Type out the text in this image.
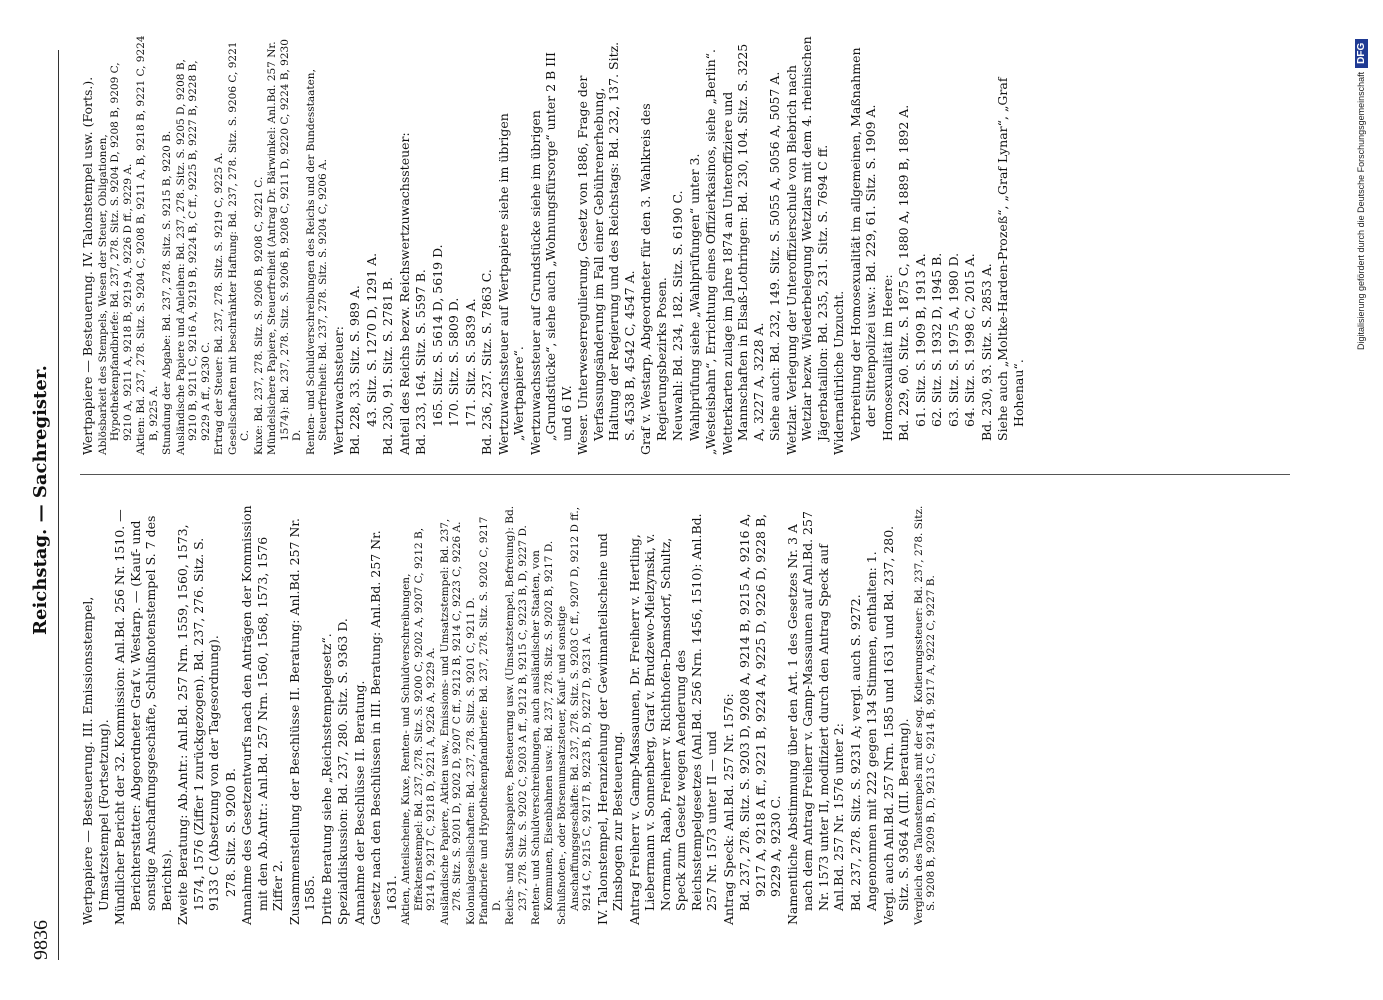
9836
Reichstag. — Sachregister.

Wertpapiere — Besteuerung. III. Emissionsstempel, Umsatzstempel (Fortsetzung). Mündlicher Bericht der 32. Kommission: Anl.Bd. 256 Nr. 1510. — Berichterstatter: Abgeordneter Graf v. Westarp. — (Kauf- und sonstige Anschaffungsgeschäfte, Schlußnotenstempel S. 7 des Berichts). Zweite Beratung: Ab.Antr.: Anl.Bd. 257 Nrn. 1559, 1560, 1573, 1574, 1576 (Ziffer 1 zurückgezogen). Bd. 237, 276. Sitz. S. 9133 C (Absetzung von der Tagesordnung). 278. Sitz. S. 9200 B. Annahme des Gesetzentwurfs nach den Anträgen der Kommission mit den Ab.Antr.: Anl.Bd. 257 Nrn. 1560, 1568, 1573, 1576 Ziffer 2. Zusammenstellung der Beschlüsse II. Beratung: Anl.Bd. 257 Nr. 1585. Dritte Beratung siehe „Reichsstempelgesetz“. Spezialdiskussion: Bd. 237, 280. Sitz. S. 9363 D. Annahme der Beschlüsse II. Beratung. Gesetz nach den Beschlüssen in III. Beratung: Anl.Bd. 257 Nr. 1631. Aktien, Anteilscheine, Kuxe, Renten- und Schuldverschreibungen, Effektenstempel: Bd. 237, 278. Sitz. S. 9200 C, 9202 A, 9207 C, 9212 B, 9214 D, 9217 C, 9218 D, 9221 A, 9226 A, 9229 A. Ausländische Papiere, Aktien usw., Emissions- und Umsatzstempel: Bd. 237, 278. Sitz. S. 9201 D, 9202 D, 9207 C ff., 9212 B, 9214 C, 9223 C, 9226 A. Kolonialgesellschaften: Bd. 237, 278. Sitz. S. 9201 C, 9211 D. Pfandbriefe und Hypothekenpfandbriefe: Bd. 237, 278. Sitz. S. 9202 C, 9217 D. Reichs- und Staatspapiere, Besteuerung usw. (Umsatzstempel, Befreiung): Bd. 237, 278. Sitz. S. 9202 C, 9203 A ff., 9212 B, 9215 C, 9223 B, D, 9227 D. Renten- und Schuldverschreibungen, auch ausländischer Staaten, von Kommunen, Eisenbahnen usw.: Bd. 237, 278. Sitz. S. 9202 B, 9217 D. Schlußnoten-, oder Börsenumsatzsteuer, Kauf- und sonstige Anschaffungsgeschäfte: Bd. 237, 278. Sitz. S. 9203 C ff., 9207 D, 9212 D ff., 9214 C, 9215 C, 9217 B, 9223 B, D, 9227 D, 9231 A. IV. Talonstempel, Heranziehung der Gewinnanteilscheine und Zinsbogen zur Besteuerung. Antrag Freiherr v. Gamp-Massaunen, Dr. Freiherr v. Hertling, Liebermann v. Sonnenberg, Graf v. Brudzewo-Mielzynski, v. Normann, Raab, Freiherr v. Richthofen-Damsdorf, Schultz, Speck zum Gesetz wegen Aenderung des Reichsstempelgesetzes (Anl.Bd. 256 Nrn. 1456, 1510): Anl.Bd. 257 Nr. 1573 unter II — und Antrag Speck: Anl.Bd. 257 Nr. 1576: Bd. 237, 278. Sitz. S. 9203 D, 9208 A, 9214 B, 9215 A, 9216 A, 9217 A, 9218 A ff., 9221 B, 9224 A, 9225 D, 9226 D, 9228 B, 9229 A, 9230 C. Namentliche Abstimmung über den Art. 1 des Gesetzes Nr. 3 A nach dem Antrag Freiherr v. Gamp-Massaunen auf Anl.Bd. 257 Nr. 1573 unter II, modifiziert durch den Antrag Speck auf Anl.Bd. 257 Nr. 1576 unter 2: Bd. 237, 278. Sitz. S. 9231 A; vergl. auch S. 9272. Angenommen mit 222 gegen 134 Stimmen, enthalten: 1. Vergl. auch Anl.Bd. 257 Nrn. 1585 und 1631 und Bd. 237, 280. Sitz. S. 9364 A (III. Beratung). Vergleich des Talonstempels mit der sog. Kotierungssteuer: Bd. 237, 278. Sitz. S. 9208 B, 9209 B, D, 9213 C, 9214 B, 9217 A, 9222 C, 9227 B.

Wertpapiere — Besteuerung. IV. Talonstempel usw. (Forts.). Ablösbarkeit des Stempels, Wesen der Steuer, Obligationen, Hypothekenpfandbriefe: Bd. 237, 278. Sitz. S. 9204 D, 9208 B, 9209 C, 9210 A, 9211 A, 9218 B, 9219 A, 9226 D ff., 9229 A. Aktien: Bd. 237, 278. Sitz. S. 9204 C, 9208 B, 9211 A, B, 9218 B, 9221 C, 9224 B, 9225 A. Stundung der Abgabe: Bd. 237, 278. Sitz. S. 9215 B, 9220 B. Ausländische Papiere und Anleihen: Bd. 237, 278. Sitz. S. 9205 D, 9208 B, 9210 B, 9211 C, 9216 A, 9219 B, 9224 B, C ff., 9225 B, 9227 B, 9228 B, 9229 A ff., 9230 C. Ertrag der Steuer: Bd. 237, 278. Sitz. S. 9219 C, 9225 A. Gesellschaften mit beschränkter Haftung: Bd. 237, 278. Sitz. S. 9206 C, 9221 C. Kuxe: Bd. 237, 278. Sitz. S. 9206 B, 9208 C, 9221 C. Mündelsichere Papiere, Steuerfreiheit (Antrag Dr. Bärwinkel: Anl.Bd. 257 Nr. 1574): Bd. 237, 278. Sitz. S. 9206 B, 9208 C, 9211 D, 9220 C, 9224 B, 9230 D. Renten- und Schuldverschreibungen des Reichs und der Bundesstaaten, Steuerfreiheit: Bd. 237, 278. Sitz. S. 9204 C, 9206 A. Wertzuwachssteuer: Bd. 228, 33. Sitz. S. 989 A. 43. Sitz. S. 1270 D, 1291 A. Bd. 230, 91. Sitz. S. 2781 B. Anteil des Reichs bezw. Reichswertzuwachssteuer: Bd. 233, 164. Sitz. S. 5597 B. 165. Sitz. S. 5614 D, 5619 D. 170. Sitz. S. 5809 D. 171. Sitz. S. 5839 A. Bd. 236, 237. Sitz. S. 7863 C. Wertzuwachssteuer auf Wertpapiere siehe im übrigen „Wertpapiere“. Wertzuwachssteuer auf Grundstücke siehe im übrigen „Grundstücke“, siehe auch „Wohnungsfürsorge“ unter 2 B III und 6 IV. Weser. Unterweserregulierung, Gesetz von 1886, Frage der Verfassungsänderung im Fall einer Gebührenerhebung, Haltung der Regierung und des Reichstags: Bd. 232, 137. Sitz. S. 4538 B, 4542 C, 4547 A. Graf v. Westarp, Abgeordneter für den 3. Wahlkreis des Regierungsbezirks Posen. Neuwahl: Bd. 234, 182. Sitz. S. 6190 C. Wahlprüfung siehe „Wahlprüfungen“ unter 3. „Westeisbahn“, Errichtung eines Offizierkasinos, siehe „Berlin“. Wetterkarten zulage im Jahre 1874 an Unteroffiziere und Mannschaften in Elsaß-Lothringen: Bd. 230, 104. Sitz. S. 3225 A, 3227 A, 3228 A. Siehe auch: Bd. 232, 149. Sitz. S. 5055 A, 5056 A, 5057 A. Wetzlar. Verlegung der Unteroffizierschule von Biebrich nach Wetzlar bezw. Wiederbelegung Wetzlars mit dem 4. rheinischen Jägerbataillon: Bd. 235, 231. Sitz. S. 7694 C ff. Widernatürliche Unzucht. Verbreitung der Homosexualität im allgemeinen, Maßnahmen der Sittenpolizei usw.: Bd. 229, 61. Sitz. S. 1909 A. Homosexualität im Heere: Bd. 229, 60. Sitz. S. 1875 C, 1880 A, 1889 B, 1892 A. 61. Sitz. S. 1909 B, 1913 A. 62. Sitz. S. 1932 D, 1945 B. 63. Sitz. S. 1975 A, 1980 D. 64. Sitz. S. 1998 C, 2015 A. Bd. 230, 93. Sitz. S. 2853 A. Siehe auch „Moltke-Harden-Prozeß“, „Graf Lynar“, „Graf Hohenau“.

Digitalisierung gefördert durch die Deutsche Forschungsgemeinschaft
DFG
